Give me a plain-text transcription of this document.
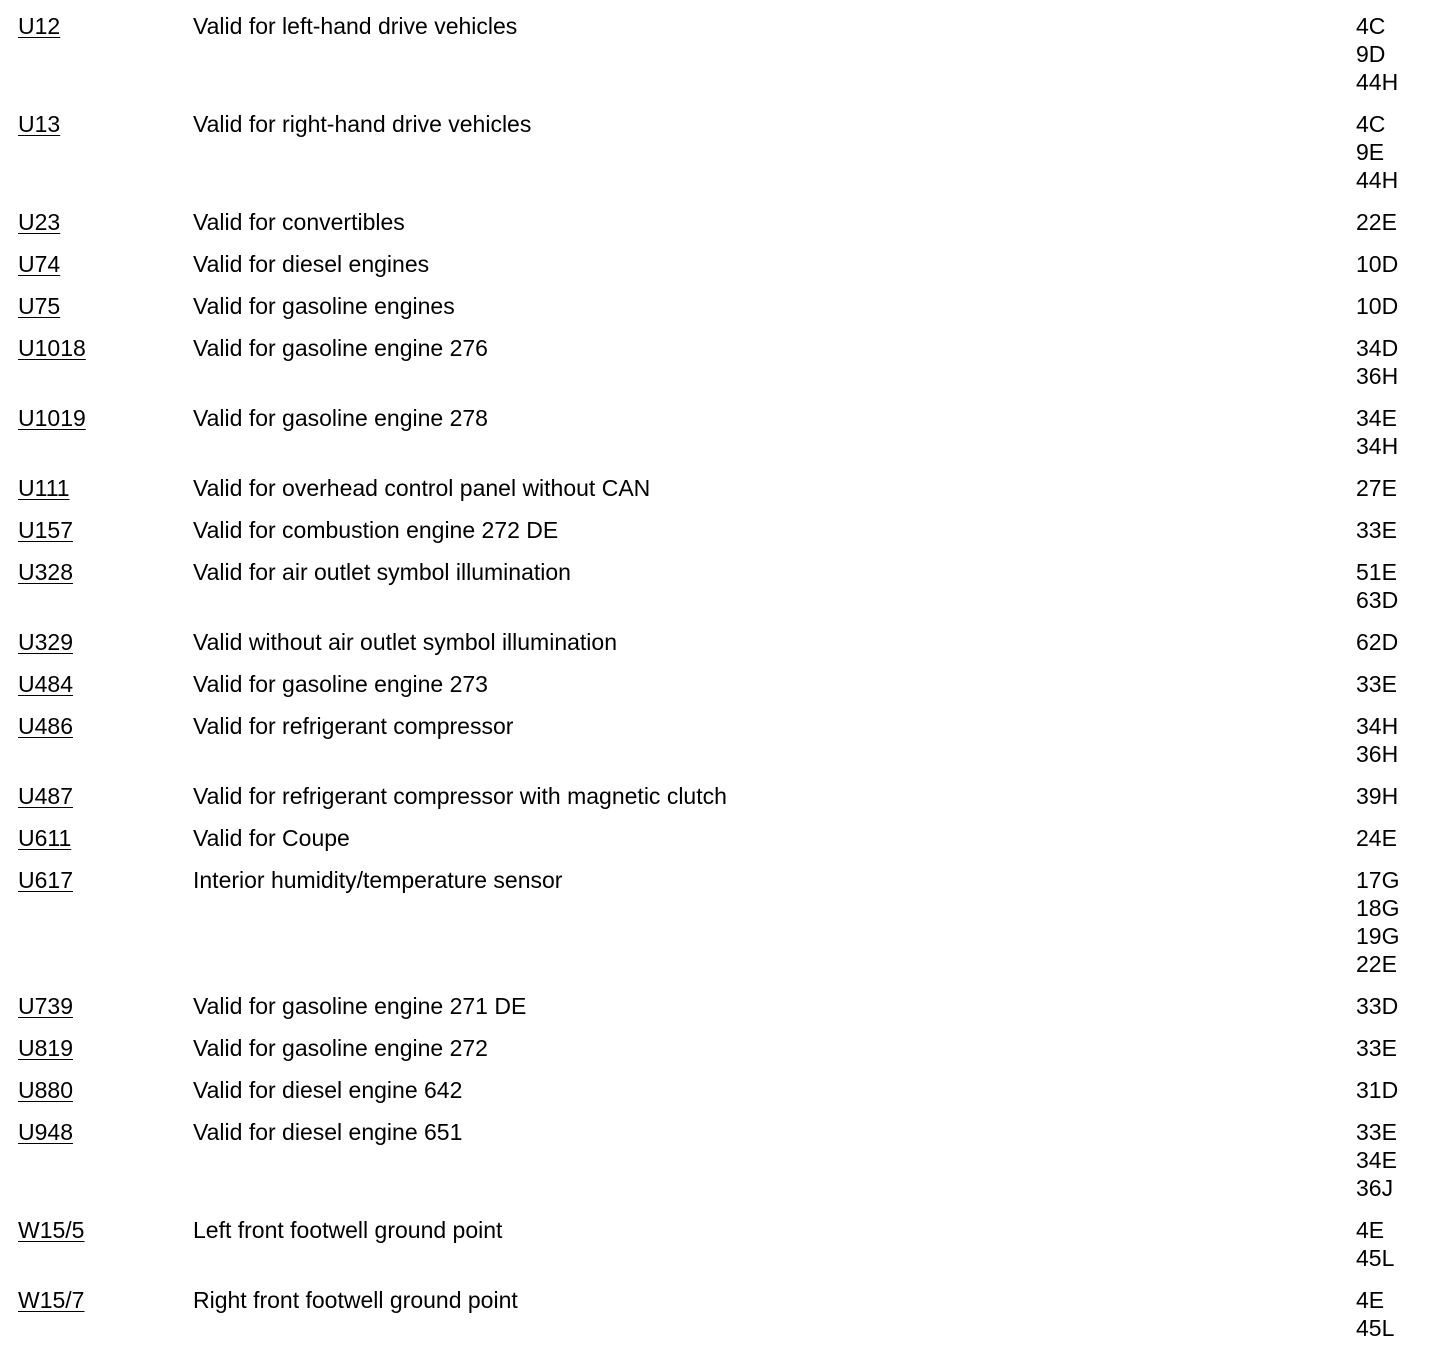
U12	Valid for left-hand drive vehicles	4C
9D
44H
U13	Valid for right-hand drive vehicles	4C
9E
44H
U23	Valid for convertibles	22E
U74	Valid for diesel engines	10D
U75	Valid for gasoline engines	10D
U1018	Valid for gasoline engine 276	34D
36H
U1019	Valid for gasoline engine 278	34E
34H
U111	Valid for overhead control panel without CAN	27E
U157	Valid for combustion engine 272 DE	33E
U328	Valid for air outlet symbol illumination	51E
63D
U329	Valid without air outlet symbol illumination	62D
U484	Valid for gasoline engine 273	33E
U486	Valid for refrigerant compressor	34H
36H
U487	Valid for refrigerant compressor with magnetic clutch	39H
U611	Valid for Coupe	24E
U617	Interior humidity/temperature sensor	17G
18G
19G
22E
U739	Valid for gasoline engine 271 DE	33D
U819	Valid for gasoline engine 272	33E
U880	Valid for diesel engine 642	31D
U948	Valid for diesel engine 651	33E
34E
36J
W15/5	Left front footwell ground point	4E
45L
W15/7	Right front footwell ground point	4E
45L
